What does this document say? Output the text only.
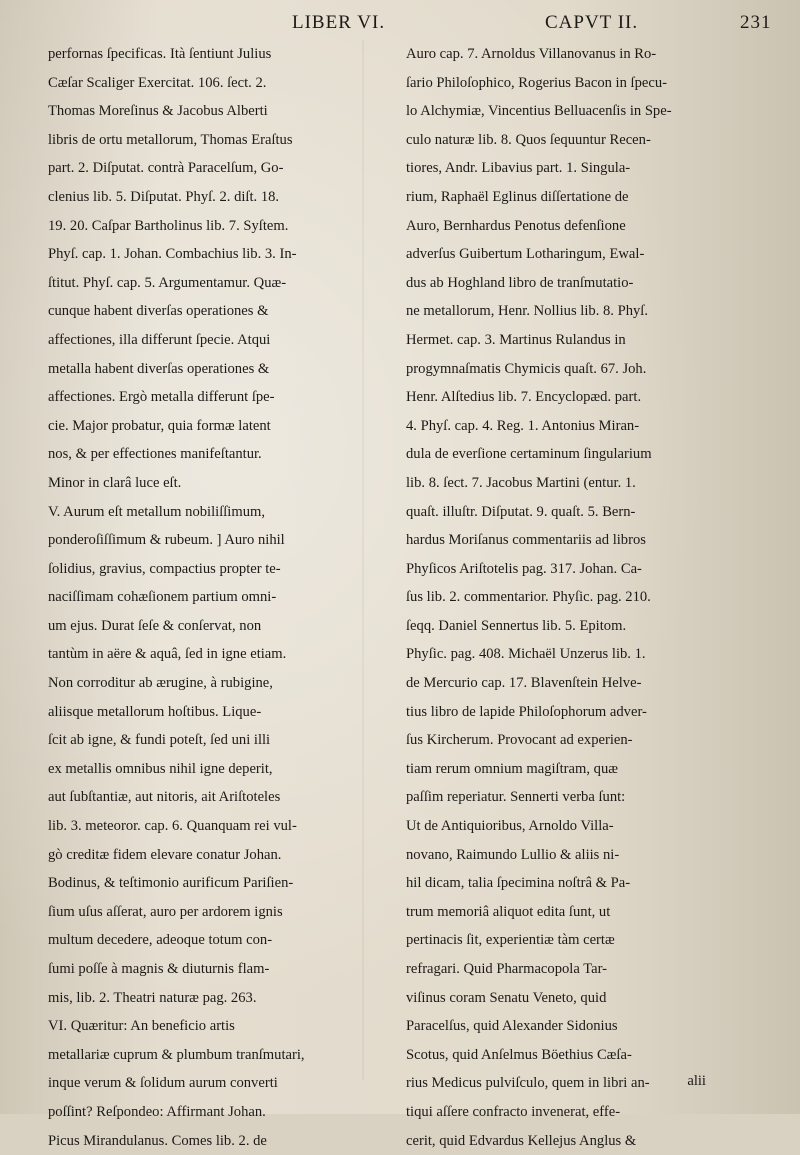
LIBER VI.	CAPVT II.	231
perfornas ſpecificas. Ità ſentiunt Julius
Cæſar Scaliger Exercitat. 106. ſect. 2.
Thomas Moreſinus & Jacobus Alberti
libris de ortu metallorum, Thomas Eraſtus
part. 2. Diſputat. contrà Paracelſum, Go-
clenius lib. 5. Diſputat. Phyſ. 2. diſt. 18.
19. 20. Caſpar Bartholinus lib. 7. Syſtem.
Phyſ. cap. 1. Johan. Combachius lib. 3. In-
ſtitut. Phyſ. cap. 5. Argumentamur. Quæ-
cunque habent diverſas operationes &
affectiones, illa differunt ſpecie. Atqui
metalla habent diverſas operationes &
affectiones. Ergò metalla differunt ſpe-
cie. Major probatur, quia formæ latent
nos, & per effectiones manifeſtantur.
Minor in clarâ luce eſt.
V. Aurum eſt metallum nobiliſſimum,
ponderoſiſſimum & rubeum. ] Auro nihil
ſolidius, gravius, compactius propter te-
naciſſimam cohæſionem partium omni-
um ejus. Durat ſeſe & conſervat, non
tantùm in aëre & aquâ, ſed in igne etiam.
Non corroditur ab ærugine, à rubigine,
aliisque metallorum hoſtibus. Lique-
ſcit ab igne, & fundi poteſt, ſed uni illi
ex metallis omnibus nihil igne deperit,
aut ſubſtantiæ, aut nitoris, ait Ariſtoteles
lib. 3. meteoror. cap. 6. Quanquam rei vul-
gò creditæ fidem elevare conatur Johan.
Bodinus, & teſtimonio aurificum Pariſien-
ſium uſus aſſerat, auro per ardorem ignis
multum decedere, adeoque totum con-
ſumi poſſe à magnis & diuturnis flam-
mis, lib. 2. Theatri naturæ pag. 263.
VI. Quæritur: An beneficio artis
metallariæ cuprum & plumbum tranſmutari,
inque verum & ſolidum aurum converti
poſſint? Reſpondeo: Affirmant Johan.
Picus Mirandulanus. Comes lib. 2. de
Auro cap. 7. Arnoldus Villanovanus in Ro-
ſario Philoſophico, Rogerius Bacon in ſpecu-
lo Alchymiæ, Vincentius Belluacenſis in Spe-
culo naturæ lib. 8. Quos ſequuntur Recen-
tiores, Andr. Libavius part. 1. Singula-
rium, Raphaël Eglinus diſſertatione de
Auro, Bernhardus Penotus defenſione
adverſus Guibertum Lotharingum, Ewal-
dus ab Hoghland libro de tranſmutatio-
ne metallorum, Henr. Nollius lib. 8. Phyſ.
Hermet. cap. 3. Martinus Rulandus in
progymnaſmatis Chymicis quaſt. 67. Joh.
Henr. Alſtedius lib. 7. Encyclopæd. part.
4. Phyſ. cap. 4. Reg. 1. Antonius Miran-
dula de everſione certaminum ſingularium
lib. 8. ſect. 7. Jacobus Martini (entur. 1.
quaſt. illuſtr. Diſputat. 9. quaſt. 5. Bern-
hardus Moriſanus commentariis ad libros
Phyſicos Ariſtotelis pag. 317. Johan. Ca-
ſus lib. 2. commentarior. Phyſic. pag. 210.
ſeqq. Daniel Sennertus lib. 5. Epitom.
Phyſic. pag. 408. Michaël Unzerus lib. 1.
de Mercurio cap. 17. Blavenſtein Helve-
tius libro de lapide Philoſophorum adver-
ſus Kircherum. Provocant ad experien-
tiam rerum omnium magiſtram, quæ
paſſim reperiatur. Sennerti verba ſunt:
Ut de Antiquioribus, Arnoldo Villa-
novano, Raimundo Lullio & aliis ni-
hil dicam, talia ſpecimina noſtrâ & Pa-
trum memoriâ aliquot edita ſunt, ut
pertinacis ſit, experientiæ tàm certæ
refragari. Quid Pharmacopola Tar-
viſinus coram Senatu Veneto, quid
Paracelſus, quid Alexander Sidonius
Scotus, quid Anſelmus Böethius Cæſa-
rius Medicus pulviſculo, quem in libri an-
tiqui aſſere confracto invenerat, effe-
cerit, quid Edvardus Kellejus Anglus &
alii
